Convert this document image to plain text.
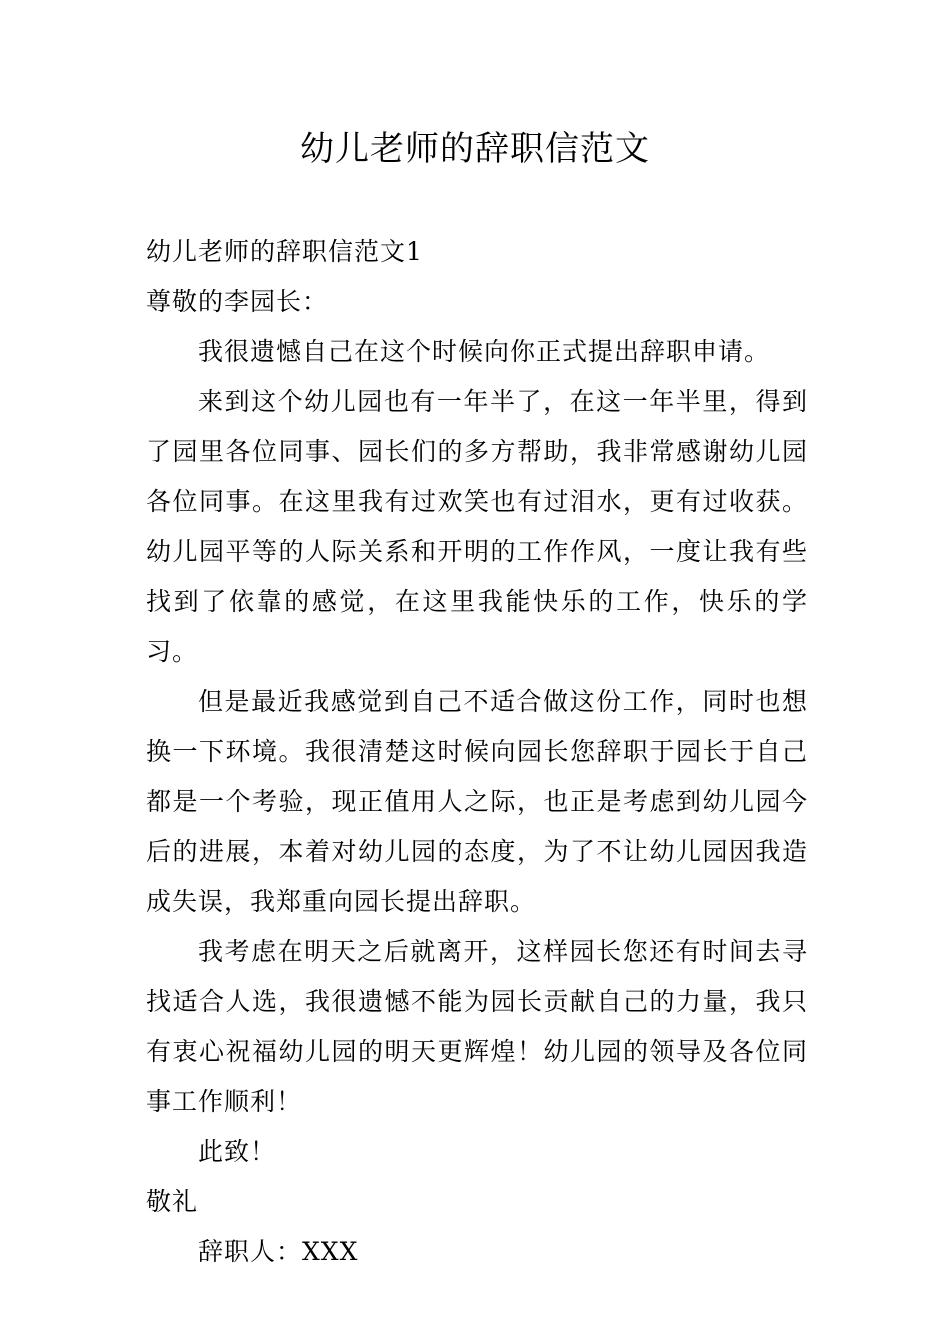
幼儿老师的辞职信范文

幼儿老师的辞职信范文1

尊敬的李园长：

我很遗憾自己在这个时候向你正式提出辞职申请。

来到这个幼儿园也有一年半了，在这一年半里，得到了园里各位同事、园长们的多方帮助，我非常感谢幼儿园各位同事。在这里我有过欢笑也有过泪水，更有过收获。幼儿园平等的人际关系和开明的工作作风，一度让我有些找到了依靠的感觉，在这里我能快乐的工作，快乐的学习。

但是最近我感觉到自己不适合做这份工作，同时也想换一下环境。我很清楚这时候向园长您辞职于园长于自己都是一个考验，现正值用人之际，也正是考虑到幼儿园今后的进展，本着对幼儿园的态度，为了不让幼儿园因我造成失误，我郑重向园长提出辞职。

我考虑在明天之后就离开，这样园长您还有时间去寻找适合人选，我很遗憾不能为园长贡献自己的力量，我只有衷心祝福幼儿园的明天更辉煌！幼儿园的领导及各位同事工作顺利！

此致！

敬礼

辞职人：XXX
